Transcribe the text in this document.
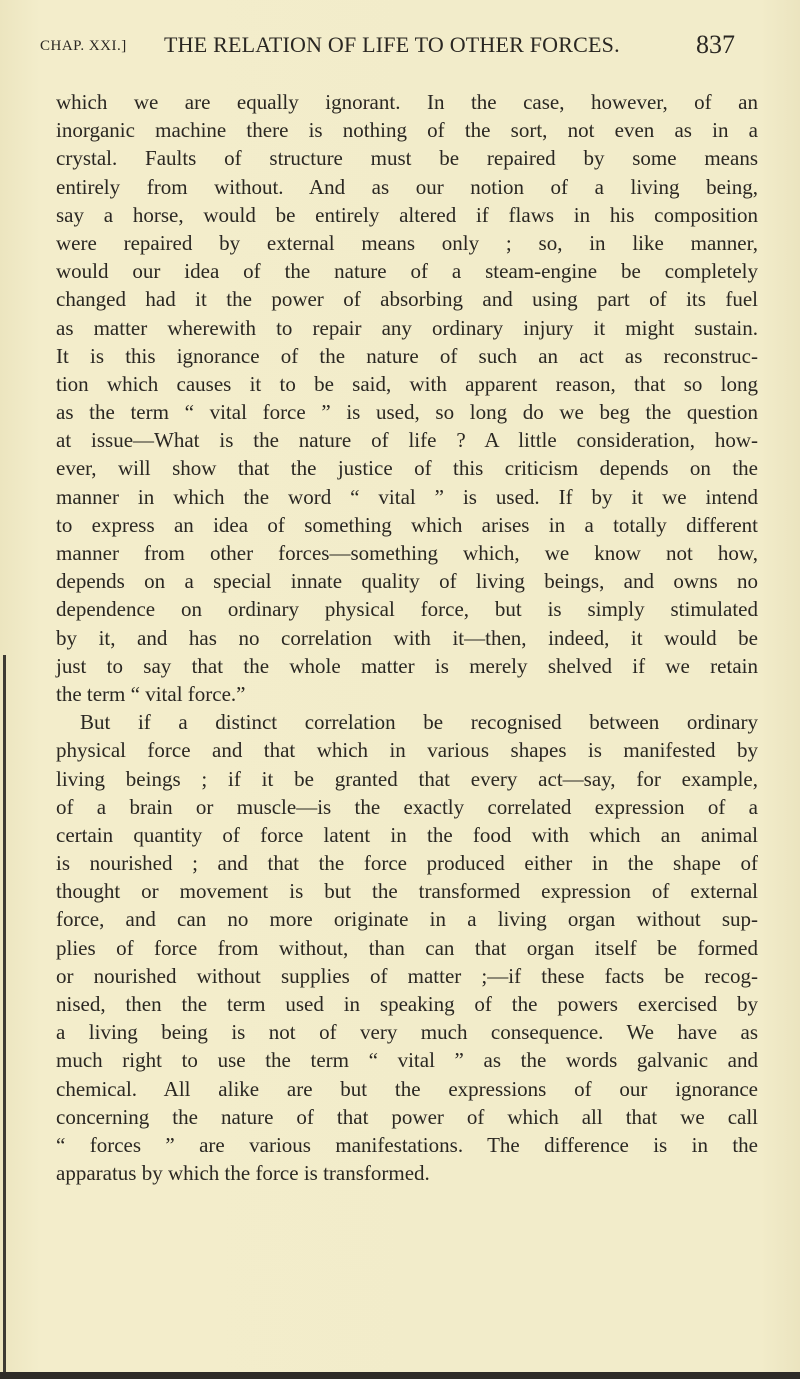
CHAP. XXI.] THE RELATION OF LIFE TO OTHER FORCES.	837
which we are equally ignorant. In the case, however, of an
inorganic machine there is nothing of the sort, not even as in a
crystal. Faults of structure must be repaired by some means
entirely from without. And as our notion of a living being,
say a horse, would be entirely altered if flaws in his composition
were repaired by external means only ; so, in like manner,
would our idea of the nature of a steam-engine be completely
changed had it the power of absorbing and using part of its fuel
as matter wherewith to repair any ordinary injury it might sustain.
It is this ignorance of the nature of such an act as reconstruc-
tion which causes it to be said, with apparent reason, that so long
as the term “ vital force ” is used, so long do we beg the question
at issue—What is the nature of life ? A little consideration, how-
ever, will show that the justice of this criticism depends on the
manner in which the word “ vital ” is used. If by it we intend
to express an idea of something which arises in a totally different
manner from other forces—something which, we know not how,
depends on a special innate quality of living beings, and owns no
dependence on ordinary physical force, but is simply stimulated
by it, and has no correlation with it—then, indeed, it would be
just to say that the whole matter is merely shelved if we retain
the term “ vital force.”
But if a distinct correlation be recognised between ordinary
physical force and that which in various shapes is manifested by
living beings ; if it be granted that every act—say, for example,
of a brain or muscle—is the exactly correlated expression of a
certain quantity of force latent in the food with which an animal
is nourished ; and that the force produced either in the shape of
thought or movement is but the transformed expression of external
force, and can no more originate in a living organ without sup-
plies of force from without, than can that organ itself be formed
or nourished without supplies of matter ;—if these facts be recog-
nised, then the term used in speaking of the powers exercised by
a living being is not of very much consequence. We have as
much right to use the term “ vital ” as the words galvanic and
chemical. All alike are but the expressions of our ignorance
concerning the nature of that power of which all that we call
“ forces ” are various manifestations. The difference is in the
apparatus by which the force is transformed.
